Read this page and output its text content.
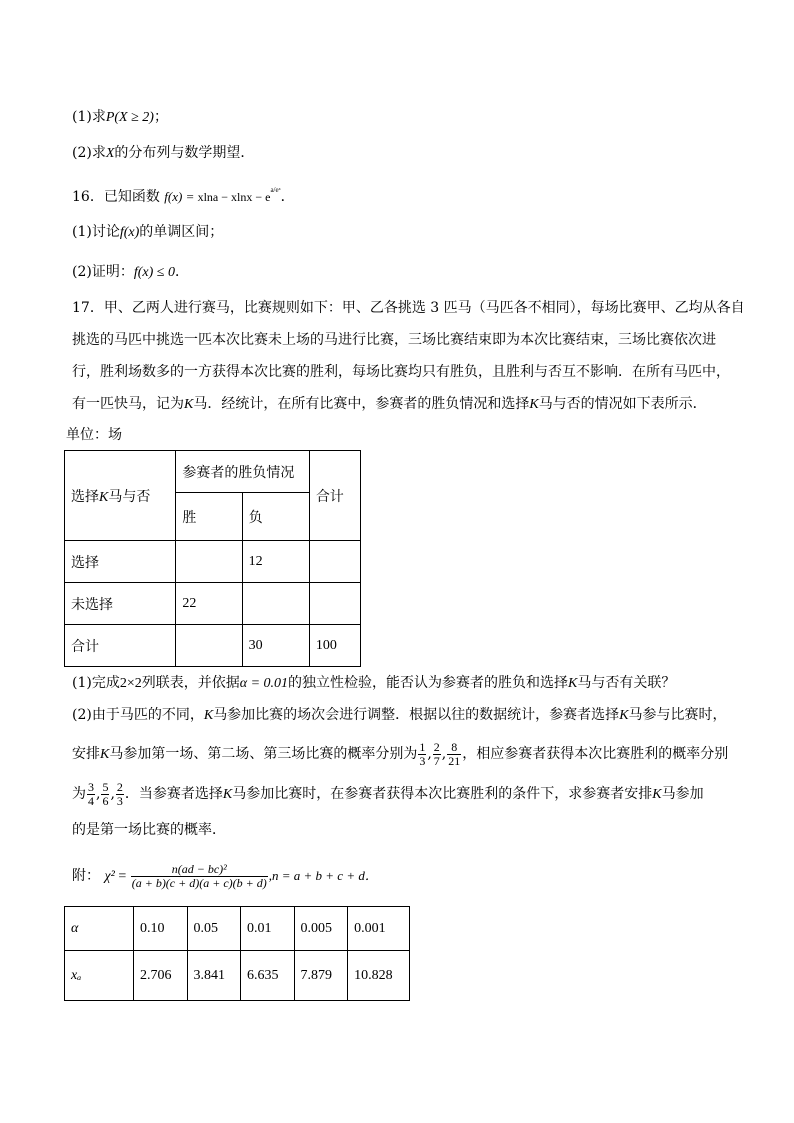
(1)求P(X ≥ 2)；
(2)求X的分布列与数学期望．
16．已知函数 $f(x) = xlna - xlnx - e^{a/eˣ}$．
(1)讨论f(x)的单调区间；
(2)证明：f(x) ≤ 0．
17．甲、乙两人进行赛马，比赛规则如下：甲、乙各挑选 3 匹马（马匹各不相同），每场比赛甲、乙均从各自
挑选的马匹中挑选一匹本次比赛未上场的马进行比赛，三场比赛结束即为本次比赛结束，三场比赛依次进
行，胜利场数多的一方获得本次比赛的胜利，每场比赛均只有胜负，且胜利与否互不影响．在所有马匹中，
有一匹快马，记为K马．经统计，在所有比赛中，参赛者的胜负情况和选择K马与否的情况如下表所示．
单位：场
选择K马与否	参赛者的胜负情况		合计
	胜	负	
选择		12	
未选择	22		
合计		30	100
(1)完成2×2列联表，并依据α = 0.01的独立性检验，能否认为参赛者的胜负和选择K马与否有关联？
(2)由于马匹的不同，K马参加比赛的场次会进行调整．根据以往的数据统计，参赛者选择K马参与比赛时，
安排K马参加第一场、第二场、第三场比赛的概率分别为 $\frac{1}{3}$ , $\frac{2}{7}$ , $\frac{8}{21}$ ，相应参赛者获得本次比赛胜利的概率分别
为 $\frac{3}{4}$ , $\frac{5}{6}$ , $\frac{2}{3}$ ．当参赛者选择K马参加比赛时，在参赛者获得本次比赛胜利的条件下，求参赛者安排K马参加
的是第一场比赛的概率．
附： $\chi^2 = \frac{\text{n(ad − bc)²}}{(a + b)(c + d)(a + c)(b + d)} ,n = a + b + c + d$．
α	0.10	0.05	0.01	0.005	0.001
xₐ	2.706	3.841	6.635	7.879	10.828
